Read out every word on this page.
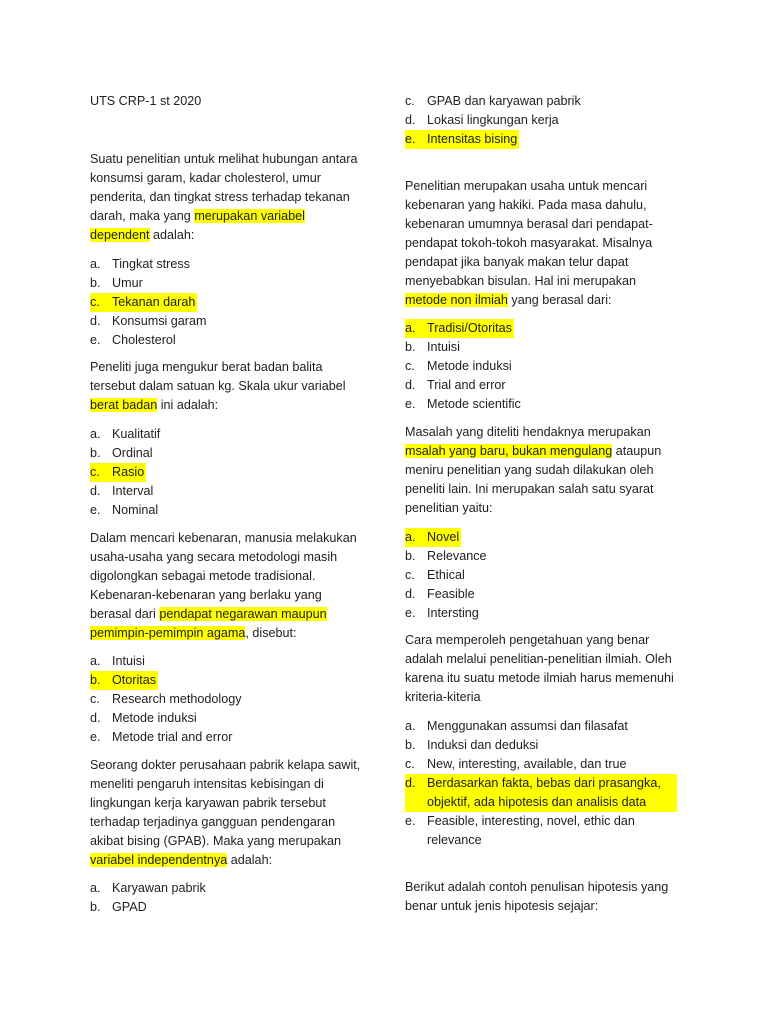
UTS CRP-1 st 2020

Suatu penelitian untuk melihat hubungan antara konsumsi garam, kadar cholesterol, umur penderita, dan tingkat stress terhadap tekanan darah, maka yang merupakan variabel dependent adalah:

a. Tingkat stress
b. Umur
c. Tekanan darah
d. Konsumsi garam
e. Cholesterol

Peneliti juga mengukur berat badan balita tersebut dalam satuan kg. Skala ukur variabel berat badan ini adalah:

a. Kualitatif
b. Ordinal
c. Rasio
d. Interval
e. Nominal

Dalam mencari kebenaran, manusia melakukan usaha-usaha yang secara metodologi masih digolongkan sebagai metode tradisional. Kebenaran-kebenaran yang berlaku yang berasal dari pendapat negarawan maupun pemimpin-pemimpin agama, disebut:

a. Intuisi
b. Otoritas
c. Research methodology
d. Metode induksi
e. Metode trial and error

Seorang dokter perusahaan pabrik kelapa sawit, meneliti pengaruh intensitas kebisingan di lingkungan kerja karyawan pabrik tersebut terhadap terjadinya gangguan pendengaran akibat bising (GPAB). Maka yang merupakan variabel independentnya adalah:

a. Karyawan pabrik
b. GPAD
c. GPAB dan karyawan pabrik
d. Lokasi lingkungan kerja
e. Intensitas bising

Penelitian merupakan usaha untuk mencari kebenaran yang hakiki. Pada masa dahulu, kebenaran umumnya berasal dari pendapat-pendapat tokoh-tokoh masyarakat. Misalnya pendapat jika banyak makan telur dapat menyebabkan bisulan. Hal ini merupakan metode non ilmiah yang berasal dari:

a. Tradisi/Otoritas
b. Intuisi
c. Metode induksi
d. Trial and error
e. Metode scientific

Masalah yang diteliti hendaknya merupakan msalah yang baru, bukan mengulang ataupun meniru penelitian yang sudah dilakukan oleh peneliti lain. Ini merupakan salah satu syarat penelitian yaitu:

a. Novel
b. Relevance
c. Ethical
d. Feasible
e. Intersting

Cara memperoleh pengetahuan yang benar adalah melalui penelitian-penelitian ilmiah. Oleh karena itu suatu metode ilmiah harus memenuhi kriteria-kiteria

a. Menggunakan assumsi dan filasafat
b. Induksi dan deduksi
c. New, interesting, available, dan true
d. Berdasarkan fakta, bebas dari prasangka, objektif, ada hipotesis dan analisis data
e. Feasible, interesting, novel, ethic dan relevance

Berikut adalah contoh penulisan hipotesis yang benar untuk jenis hipotesis sejajar:
